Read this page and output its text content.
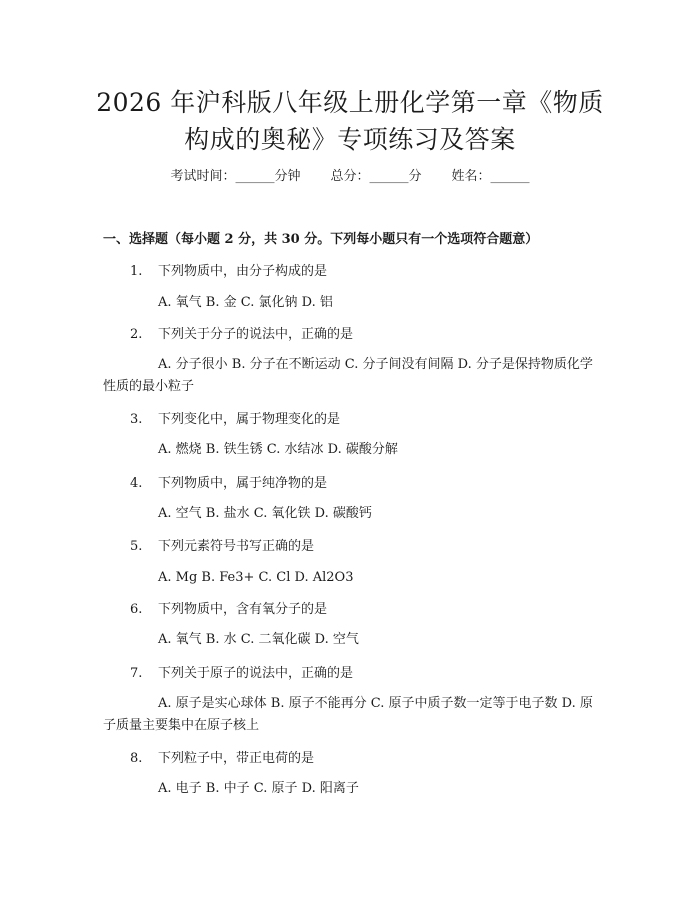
2026 年沪科版八年级上册化学第一章《物质
构成的奥秘》专项练习及答案
考试时间：______分钟 总分：______分 姓名：______
一、选择题（每小题 2 分，共 30 分。下列每小题只有一个选项符合题意）
1. 下列物质中，由分子构成的是
A. 氧气 B. 金 C. 氯化钠 D. 铝
2. 下列关于分子的说法中，正确的是
A. 分子很小 B. 分子在不断运动 C. 分子间没有间隔 D. 分子是保持物质化学性质的最小粒子
3. 下列变化中，属于物理变化的是
A. 燃烧 B. 铁生锈 C. 水结冰 D. 碳酸分解
4. 下列物质中，属于纯净物的是
A. 空气 B. 盐水 C. 氧化铁 D. 碳酸钙
5. 下列元素符号书写正确的是
A. Mg B. Fe3+ C. Cl D. Al2O3
6. 下列物质中，含有氧分子的是
A. 氧气 B. 水 C. 二氧化碳 D. 空气
7. 下列关于原子的说法中，正确的是
A. 原子是实心球体 B. 原子不能再分 C. 原子中质子数一定等于电子数 D. 原子质量主要集中在原子核上
8. 下列粒子中，带正电荷的是
A. 电子 B. 中子 C. 原子 D. 阳离子
